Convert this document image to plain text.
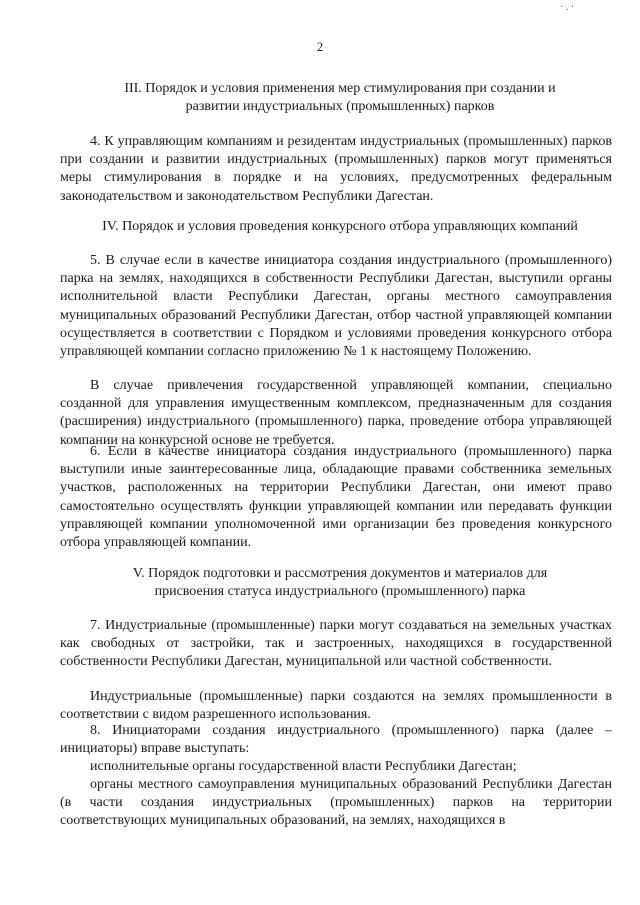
· . ·
2
III. Порядок и условия применения мер стимулирования при создании и
развитии индустриальных (промышленных) парков

4. К управляющим компаниям и резидентам индустриальных (промышленных) парков при создании и развитии индустриальных (промышленных) парков могут применяться меры стимулирования в порядке и на условиях, предусмотренных федеральным законодательством и законодательством Республики Дагестан.

IV. Порядок и условия проведения конкурсного отбора управляющих компаний

5. В случае если в качестве инициатора создания индустриального (промышленного) парка на землях, находящихся в собственности Республики Дагестан, выступили органы исполнительной власти Республики Дагестан, органы местного самоуправления муниципальных образований Республики Дагестан, отбор частной управляющей компании осуществляется в соответствии с Порядком и условиями проведения конкурсного отбора управляющей компании согласно приложению № 1 к настоящему Положению.

В случае привлечения государственной управляющей компании, специально созданной для управления имущественным комплексом, предназначенным для создания (расширения) индустриального (промышленного) парка, проведение отбора управляющей компании на конкурсной основе не требуется.

6. Если в качестве инициатора создания индустриального (промышленного) парка выступили иные заинтересованные лица, обладающие правами собственника земельных участков, расположенных на территории Республики Дагестан, они имеют право самостоятельно осуществлять функции управляющей компании или передавать функции управляющей компании уполномоченной ими организации без проведения конкурсного отбора управляющей компании.

V. Порядок подготовки и рассмотрения документов и материалов для
присвоения статуса индустриального (промышленного) парка

7. Индустриальные (промышленные) парки могут создаваться на земельных участках как свободных от застройки, так и застроенных, находящихся в государственной собственности Республики Дагестан, муниципальной или частной собственности.

Индустриальные (промышленные) парки создаются на землях промышленности в соответствии с видом разрешенного использования.

8. Инициаторами создания индустриального (промышленного) парка (далее – инициаторы) вправе выступать:

исполнительные органы государственной власти Республики Дагестан;

органы местного самоуправления муниципальных образований Республики Дагестан (в части создания индустриальных (промышленных) парков на территории соответствующих муниципальных образований, на землях, находящихся в
